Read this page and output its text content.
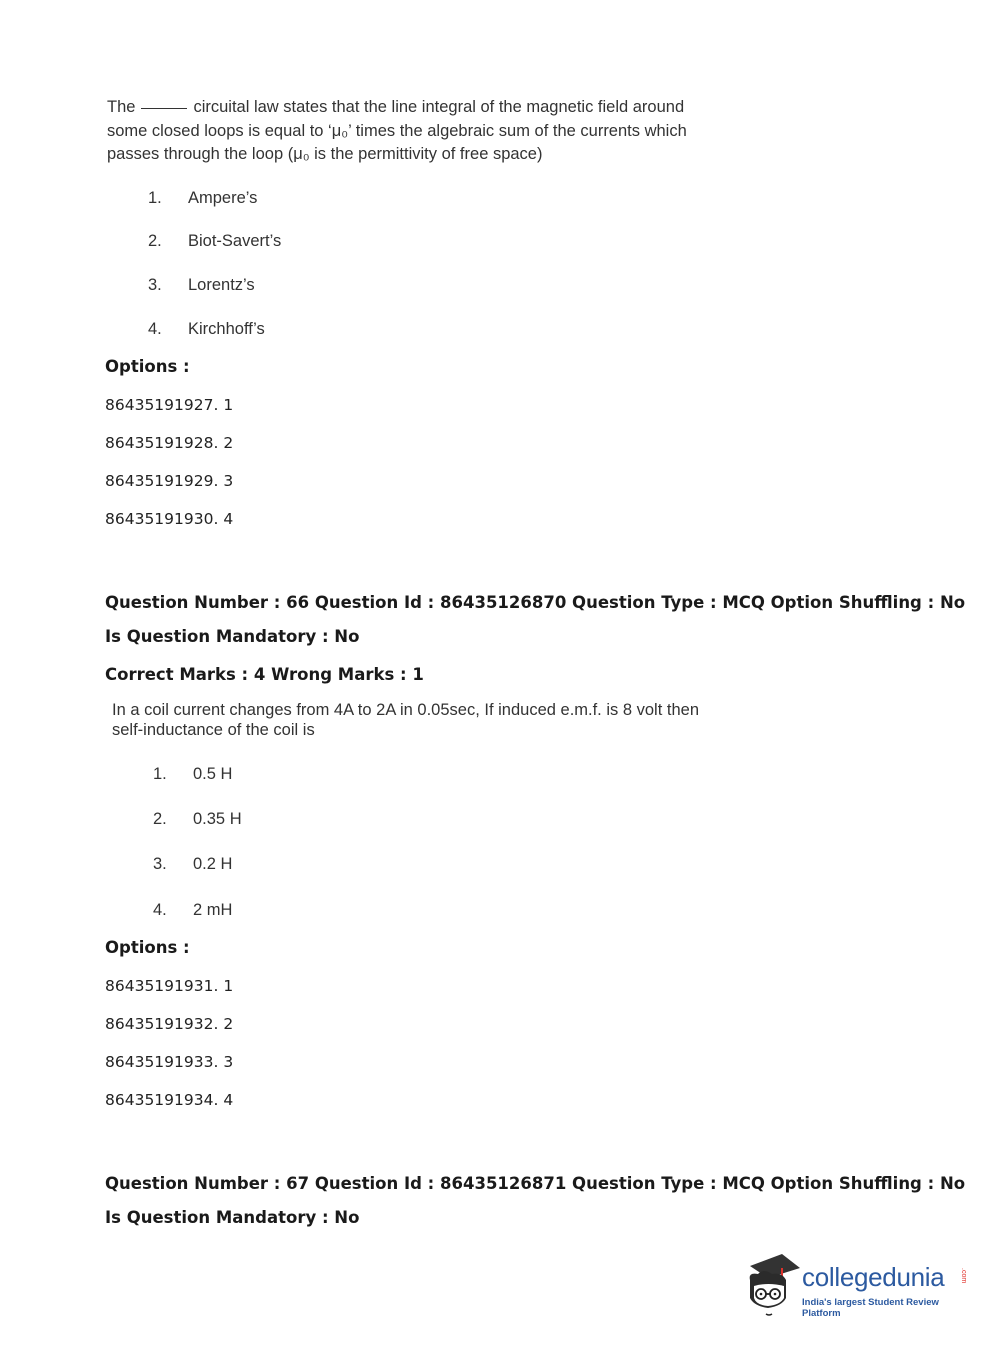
The	circuital law states that the line integral of the magnetic field around
some closed loops is equal to ‘μ₀’ times the algebraic sum of the currents which
passes through the loop (μ₀ is the permittivity of free space)
1. Ampere’s
2. Biot-Savert’s
3. Lorentz’s
4. Kirchhoff’s
Options :
86435191927. 1
86435191928. 2
86435191929. 3
86435191930. 4
Question Number : 66 Question Id : 86435126870 Question Type : MCQ Option Shuffling : No
Is Question Mandatory : No
Correct Marks : 4 Wrong Marks : 1
In a coil current changes from 4A to 2A in 0.05sec, If induced e.m.f. is 8 volt then
self-inductance of the coil is
1. 0.5 H
2. 0.35 H
3. 0.2 H
4. 2 mH
Options :
86435191931. 1
86435191932. 2
86435191933. 3
86435191934. 4
Question Number : 67 Question Id : 86435126871 Question Type : MCQ Option Shuffling : No
Is Question Mandatory : No
collegedunia .com
India's largest Student Review Platform
